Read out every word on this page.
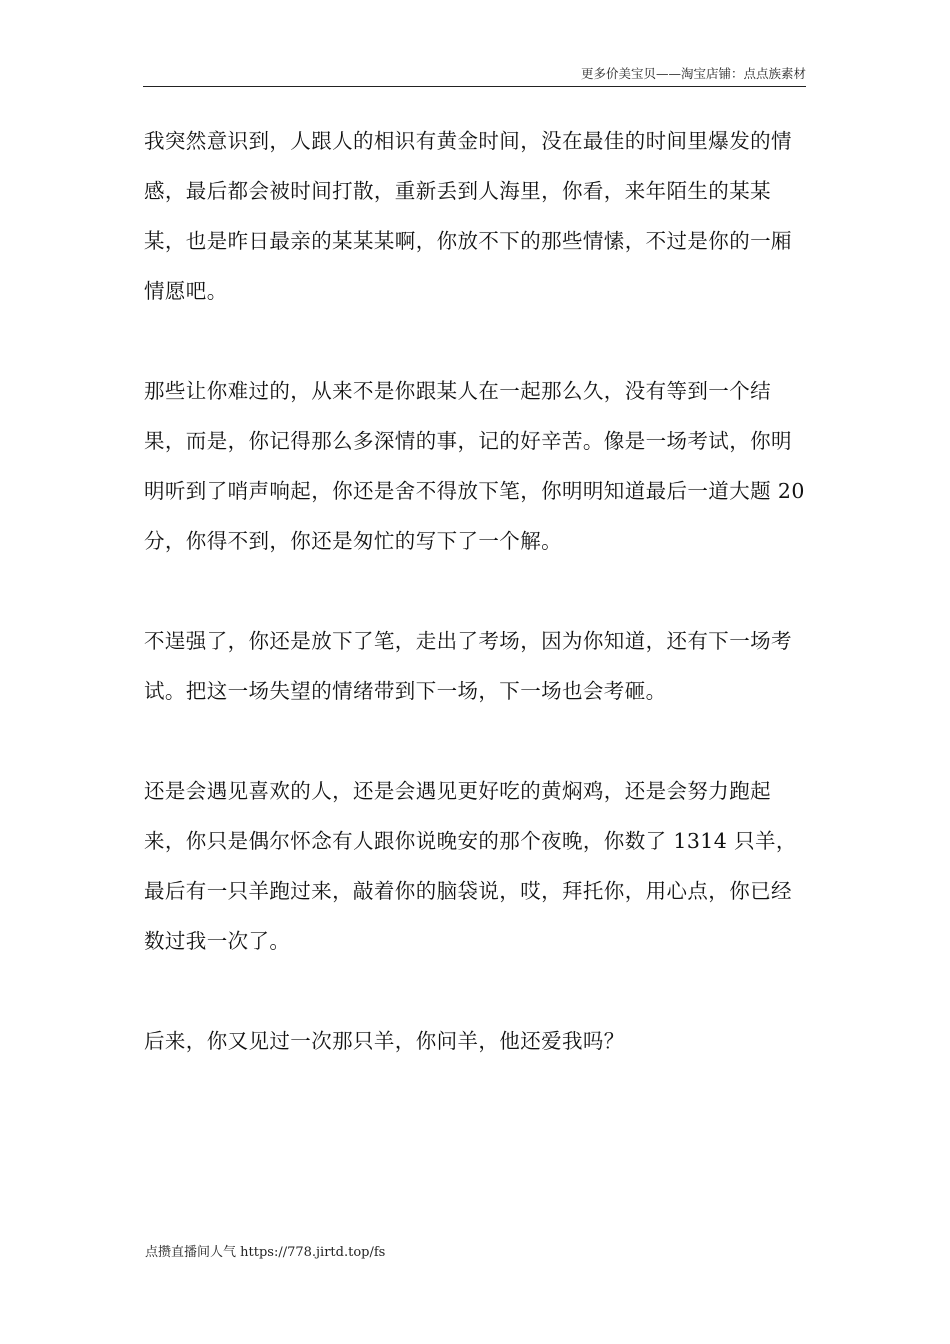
更多价美宝贝——淘宝店铺：点点族素材

我突然意识到，人跟人的相识有黄金时间，没在最佳的时间里爆发的情感，最后都会被时间打散，重新丢到人海里，你看，来年陌生的某某某，也是昨日最亲的某某某啊，你放不下的那些情愫，不过是你的一厢情愿吧。

那些让你难过的，从来不是你跟某人在一起那么久，没有等到一个结果，而是，你记得那么多深情的事，记的好辛苦。像是一场考试，你明明听到了哨声响起，你还是舍不得放下笔，你明明知道最后一道大题 20 分，你得不到，你还是匆忙的写下了一个解。

不逞强了，你还是放下了笔，走出了考场，因为你知道，还有下一场考试。把这一场失望的情绪带到下一场，下一场也会考砸。

还是会遇见喜欢的人，还是会遇见更好吃的黄焖鸡，还是会努力跑起来，你只是偶尔怀念有人跟你说晚安的那个夜晚，你数了 1314 只羊，最后有一只羊跑过来，敲着你的脑袋说，哎，拜托你，用心点，你已经数过我一次了。

后来，你又见过一次那只羊，你问羊，他还爱我吗？

点攒直播间人气 https://778.jirtd.top/fs
